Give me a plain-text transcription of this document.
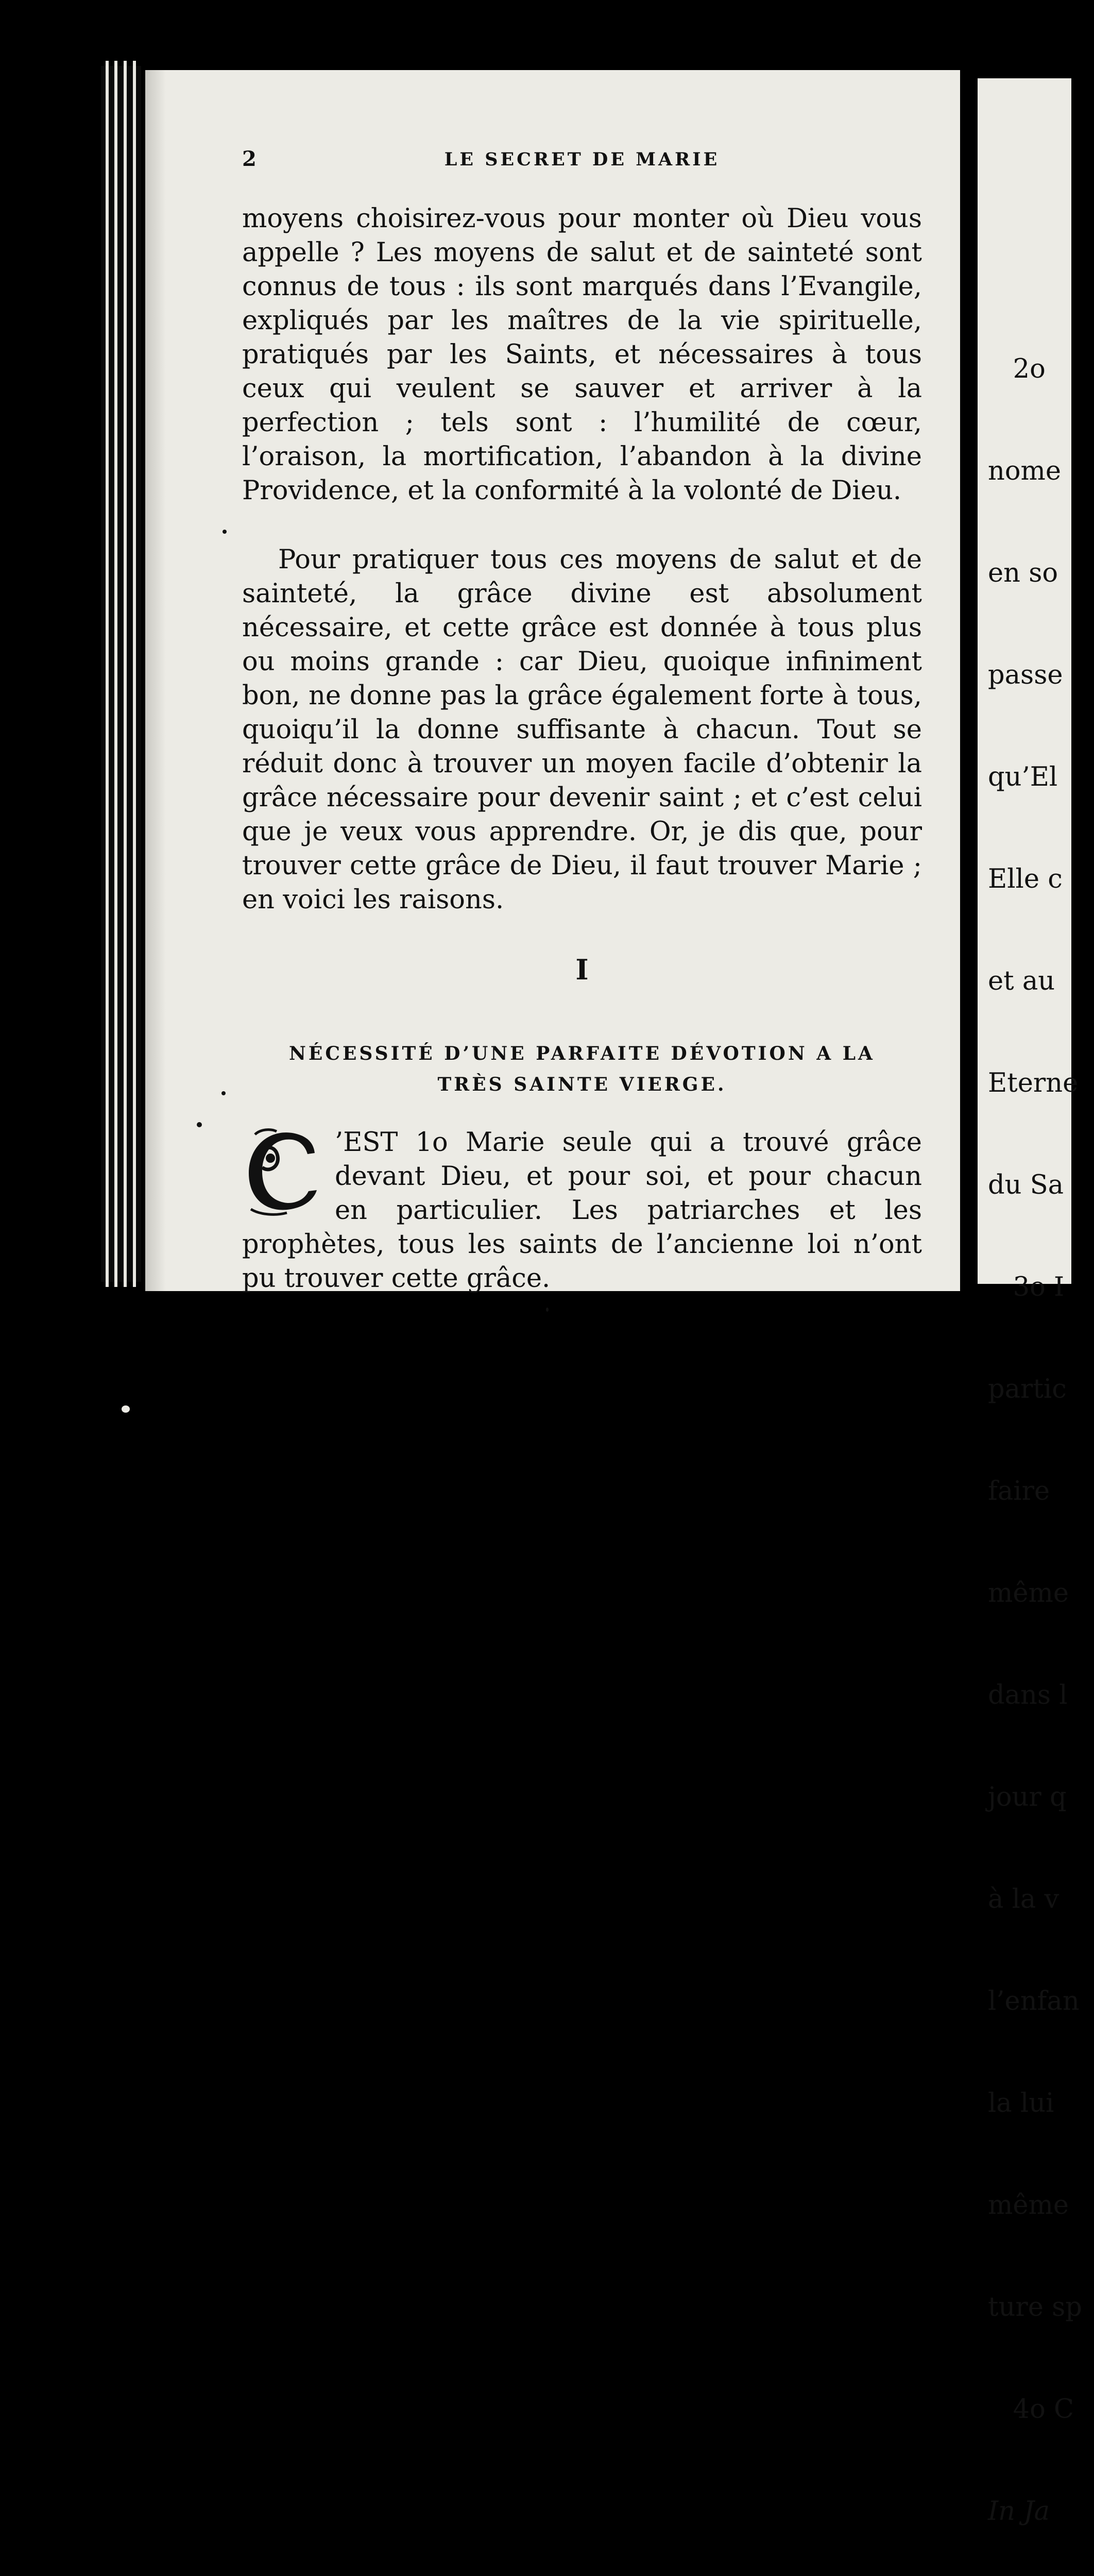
2o

nome

en so

passe

qu’El

Elle c

et au

Eterne

du Sa

3o I

partic

faire

même

dans l

jour q

à la v

l’enfan

la lui

même

ture sp

4o C

In Ja

2	LE SECRET DE MARIE
moyens choisirez-vous pour monter où Dieu vous appelle ? Les moyens de salut et de sainteté sont connus de tous : ils sont marqués dans l’Evangile, expliqués par les maîtres de la vie spirituelle, pratiqués par les Saints, et nécessaires à tous ceux qui veulent se sauver et arriver à la perfection ; tels sont : l’humilité de cœur, l’oraison, la mortification, l’abandon à la divine Providence, et la conformité à la volonté de Dieu.
Pour pratiquer tous ces moyens de salut et de sainteté, la grâce divine est absolument nécessaire, et cette grâce est donnée à tous plus ou moins grande : car Dieu, quoique infiniment bon, ne donne pas la grâce également forte à tous, quoiqu’il la donne suffisante à chacun. Tout se réduit donc à trouver un moyen facile d’obtenir la grâce nécessaire pour devenir saint ; et c’est celui que je veux vous apprendre. Or, je dis que, pour trouver cette grâce de Dieu, il faut trouver Marie ; en voici les raisons.
I
NÉCESSITÉ D’UNE PARFAITE DÉVOTION A LA
TRÈS SAINTE VIERGE.
’EST 1o Marie seule qui a trouvé grâce

devant Dieu, et pour soi, et pour chacun
en particulier. Les patriarches et les
prophètes, tous les saints de l’ancienne loi n’ont pu trouver cette grâce.
